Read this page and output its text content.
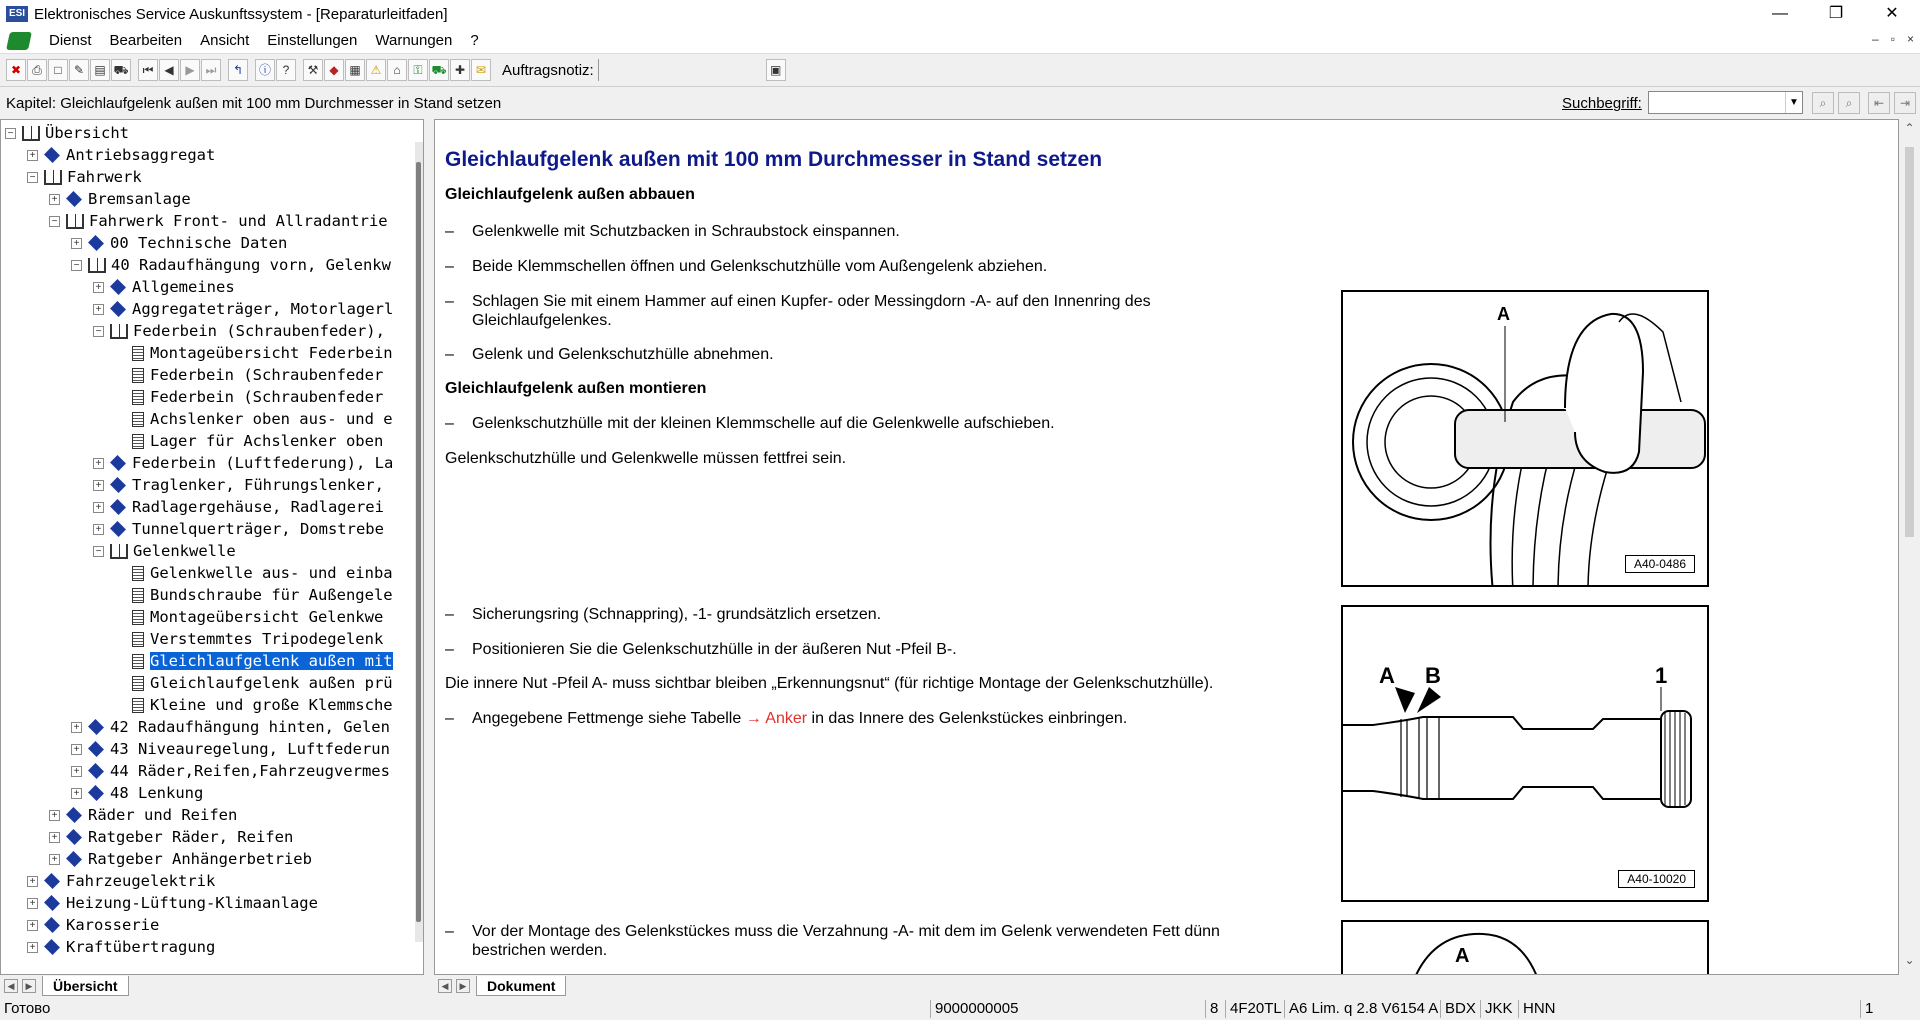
ESI Elektronisches Service Auskunftssystem - [Reparaturleitfaden]	—	❐	✕
Dienst	Bearbeiten	Ansicht	Einstellungen	Warnungen	?	– ▫ ×
✖ ⎙	□	✎ ▤ ⛟	⏮ ◀ ▶ ⏭	↰	ⓘ ?	⚒ ◆ ▦ ⚠	⌂	⚿ ⛟ ✚ ✉	Auftragsnotiz:	▣
Kapitel: Gleichlaufgelenk außen mit 100 mm Durchmesser in Stand setzen	Suchbegriff:	▼	⌕	⌕	⇤	⇥
− Übersicht
+ Antriebsaggregat
− Fahrwerk
+ Bremsanlage
− Fahrwerk Front- und Allradantrie
+ 00 Technische Daten
− 40 Radaufhängung vorn, Gelenkw
+ Allgemeines
+ Aggregateträger, Motorlagerl
− Federbein (Schraubenfeder),
Montageübersicht Federbein
Federbein (Schraubenfeder
Federbein (Schraubenfeder
Achslenker oben aus- und e
Lager für Achslenker oben
+ Federbein (Luftfederung), La
+ Traglenker, Führungslenker,
+ Radlagergehäuse, Radlagerei
+ Tunnelquerträger, Domstrebe
− Gelenkwelle
Gelenkwelle aus- und einba
Bundschraube für Außengele
Montageübersicht Gelenkwe
Verstemmtes Tripodegelenk
Gleichlaufgelenk außen mit
Gleichlaufgelenk außen prü
Kleine und große Klemmsche
+ 42 Radaufhängung hinten, Gelen
+ 43 Niveauregelung, Luftfederun
+ 44 Räder,Reifen,Fahrzeugvermes
+ 48 Lenkung
+ Räder und Reifen
+ Ratgeber Räder, Reifen
+ Ratgeber Anhängerbetrieb
+ Fahrzeugelektrik
+ Heizung-Lüftung-Klimaanlage
+ Karosserie
+ Kraftübertragung
◀	▶	Übersicht
Gleichlaufgelenk außen mit 100 mm Durchmesser in Stand setzen
Gleichlaufgelenk außen abbauen
– Gelenkwelle mit Schutzbacken in Schraubstock einspannen.
– Beide Klemmschellen öffnen und Gelenkschutzhülle vom Außengelenk abziehen.
– Schlagen Sie mit einem Hammer auf einen Kupfer- oder Messingdorn -A- auf den Innenring des Gleichlaufgelenkes.
– Gelenk und Gelenkschutzhülle abnehmen.
Gleichlaufgelenk außen montieren
– Gelenkschutzhülle mit der kleinen Klemmschelle auf die Gelenkwelle aufschieben.
Gelenkschutzhülle und Gelenkwelle müssen fettfrei sein.
– Sicherungsring (Schnappring), -1- grundsätzlich ersetzen.
– Positionieren Sie die Gelenkschutzhülle in der äußeren Nut -Pfeil B-.
Die innere Nut -Pfeil A- muss sichtbar bleiben „Erkennungsnut“ (für richtige Montage der Gelenkschutzhülle).
– Angegebene Fettmenge siehe Tabelle → Anker in das Innere des Gelenkstückes einbringen.
– Vor der Montage des Gelenkstückes muss die Verzahnung -A- mit dem im Gelenk verwendeten Fett dünn bestrichen werden.
A
A40-0486
A B	1
A40-10020
A
⌃
⌄
◀	▶	Dokument
Готово	9000000005	8 4F20TL A6 Lim. q 2.8 V6154 A BDX JKK HNN	1
